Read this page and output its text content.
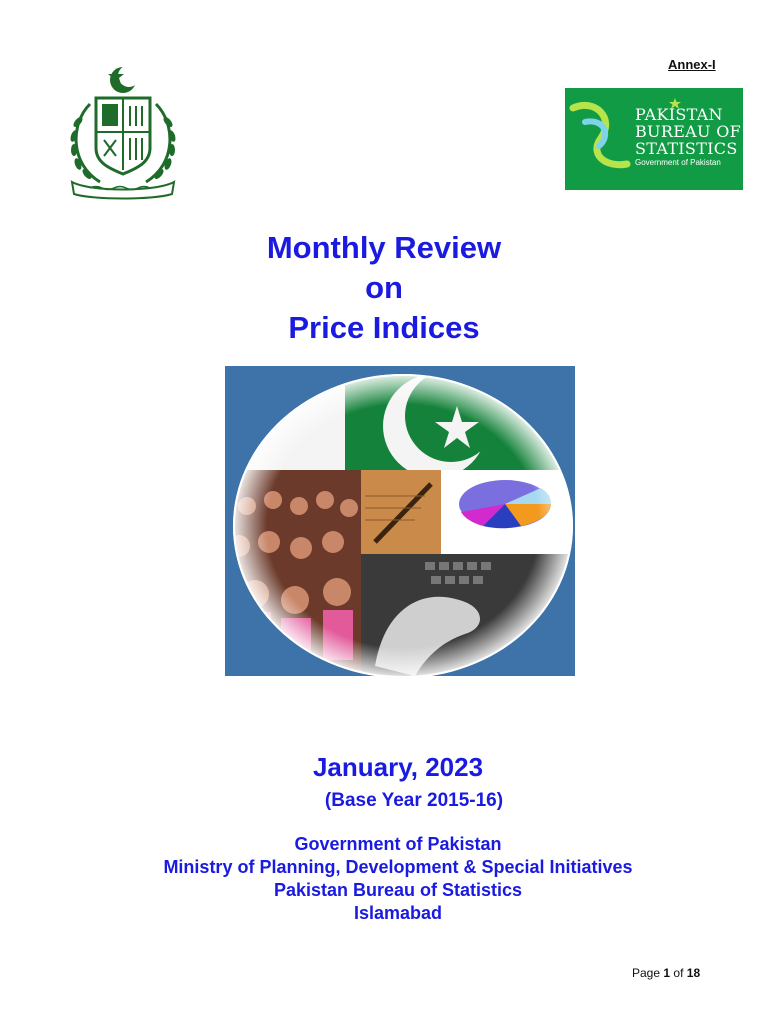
Annex-I
PAKISTAN
BUREAU OF
STATISTICS
Government of Pakistan
Monthly Review
on
Price Indices
January, 2023
(Base Year 2015-16)
Government of Pakistan
Ministry of Planning, Development & Special Initiatives
Pakistan Bureau of Statistics
Islamabad
Page 1 of 18
